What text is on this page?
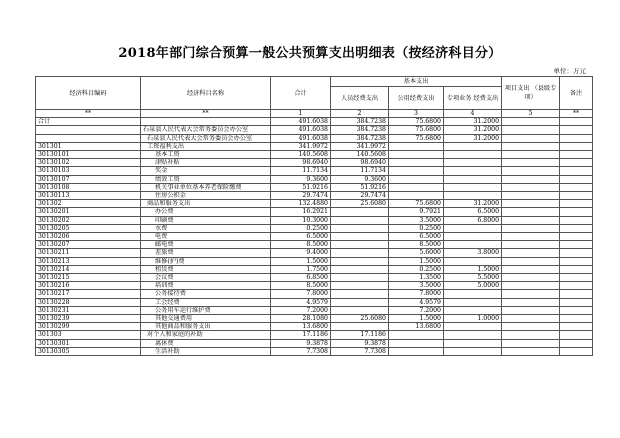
2018年部门综合预算一般公共预算支出明细表（按经济科目分）
单位：万元
经济科目编码	经济科目名称	合计	基本支出			项目支出 （县级专项）	备注
			人员经费支出	公用经费支出	专项业务 经费支出		
**	**	1	2	3	4	5	**
合计		491.6038	384.7238	75.6800	31.2000		
	石泉县人民代表大会常务委员会办公室	491.6038	384.7238	75.6800	31.2000		
	石泉县人民代表大会常务委员会办公室	491.6038	384.7238	75.6800	31.2000		
301301	工资福利支出	341.9972	341.9972				
30130101	基本工资	140.5608	140.5608				
30130102	津贴补贴	98.6940	98.6940				
30130103	奖金	11.7134	11.7134				
30130107	绩效工资	9.3600	9.3600				
30130108	机关事业单位基本养老保险缴费	51.9216	51.9216				
30130113	住房公积金	29.7474	29.7474				
301302	商品和服务支出	132.4880	25.6080	75.6800	31.2000		
30130201	办公费	16.2921		9.7921	6.5000		
30130202	印刷费	10.3000		3.5000	6.8000		
30130205	水费	0.2500		0.2500			
30130206	电费	6.5000		6.5000			
30130207	邮电费	8.5000		8.5000			
30130211	差旅费	9.4000		5.6000	3.8000		
30130213	维修(护)费	1.5000		1.5000			
30130214	租赁费	1.7500		0.2500	1.5000		
30130215	会议费	6.8500		1.3500	5.5000		
30130216	培训费	8.5000		3.5000	5.0000		
30130217	公务接待费	7.8000		7.8000			
30130228	工会经费	4.9579		4.9579			
30130231	公务用车运行维护费	7.2000		7.2000			
30130239	其他交通费用	28.1080	25.6080	1.5000	1.0000		
30130299	其他商品和服务支出	13.6800		13.6800			
301303	对个人和家庭的补助	17.1186	17.1186				
30130301	离休费	9.3878	9.3878				
30130305	生活补助	7.7308	7.7308				
